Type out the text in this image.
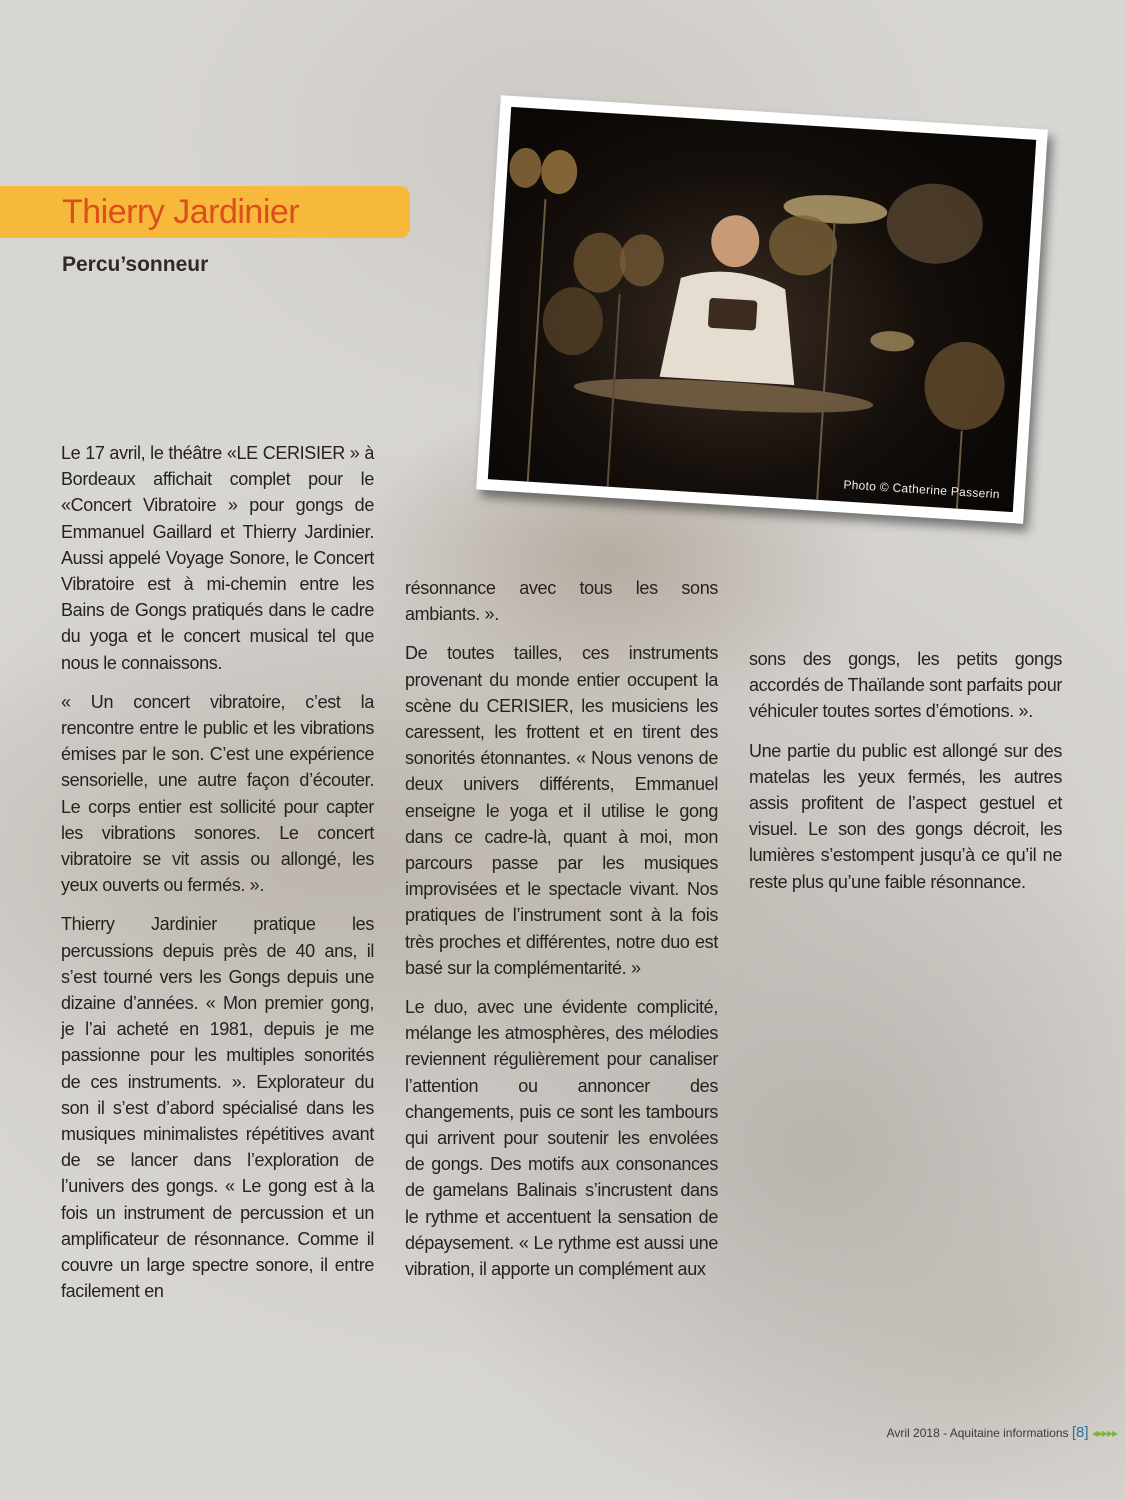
Thierry Jardinier
Percu’sonneur
Photo © Catherine Passerin

Le 17 avril, le théâtre «LE CERISIER » à Bordeaux affichait complet pour le «Concert Vibratoire » pour gongs de Emmanuel Gaillard et Thierry Jardinier. Aussi appelé Voyage Sonore, le Concert Vibratoire est à mi-chemin entre les Bains de Gongs pratiqués dans le cadre du yoga et le concert musical tel que nous le connaissons.

« Un concert vibratoire, c’est la rencontre entre le public et les vibrations émises par le son. C’est une expérience sensorielle, une autre façon d’écouter. Le corps entier est sollicité pour capter les vibrations sonores. Le concert vibratoire se vit assis ou allongé, les yeux ouverts ou fermés. ».

Thierry Jardinier pratique les percussions depuis près de 40 ans, il s’est tourné vers les Gongs depuis une dizaine d’années. « Mon premier gong, je l’ai acheté en 1981, depuis je me passionne pour les multiples sonorités de ces instruments. ». Explorateur du son il s’est d’abord spécialisé dans les musiques minimalistes répétitives avant de se lancer dans l’exploration de l’univers des gongs. « Le gong est à la fois un instrument de percussion et un amplificateur de résonnance. Comme il couvre un large spectre sonore, il entre facilement en

résonnance avec tous les sons ambiants. ».

De toutes tailles, ces instruments provenant du monde entier occupent la scène du CERISIER, les musiciens les caressent, les frottent et en tirent des sonorités étonnantes. « Nous venons de deux univers différents, Emmanuel enseigne le yoga et il utilise le gong dans ce cadre-là, quant à moi, mon parcours passe par les musiques improvisées et le spectacle vivant. Nos pratiques de l’instrument sont à la fois très proches et différentes, notre duo est basé sur la complémentarité. »

Le duo, avec une évidente complicité, mélange les atmosphères, des mélodies reviennent régulièrement pour canaliser l’attention ou annoncer des changements, puis ce sont les tambours qui arrivent pour soutenir les envolées de gongs. Des motifs aux consonances de gamelans Balinais s’incrustent dans le rythme et accentuent la sensation de dépaysement. « Le rythme est aussi une vibration, il apporte un complément aux

sons des gongs, les petits gongs accordés de Thaïlande sont parfaits pour véhiculer toutes sortes d’émotions. ».

Une partie du public est allongé sur des matelas les yeux fermés, les autres assis profitent de l’aspect gestuel et visuel. Le son des gongs décroit, les lumières s’estompent jusqu’à ce qu’il ne reste plus qu’une faible résonnance.

Avril 2018 - Aquitaine informations [8] ◂▸▸▸▸
